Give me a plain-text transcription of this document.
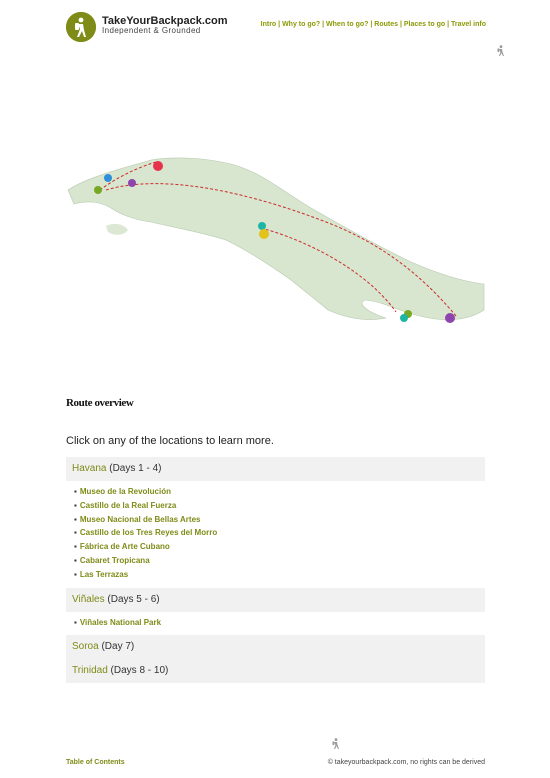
TakeYourBackpack.com
Independent & Grounded
Intro | Why to go? | When to go? | Routes | Places to go | Travel info
Route overview
Click on any of the locations to learn more.
Havana (Days 1 - 4)
▪ Museo de la Revolución
▪ Castillo de la Real Fuerza
▪ Museo Nacional de Bellas Artes
▪ Castillo de los Tres Reyes del Morro
▪ Fábrica de Arte Cubano
▪ Cabaret Tropicana
▪ Las Terrazas
Viñales (Days 5 - 6)
▪ Viñales National Park
Soroa (Day 7)
Trinidad (Days 8 - 10)
Table of Contents	© takeyourbackpack.com, no rights can be derived
